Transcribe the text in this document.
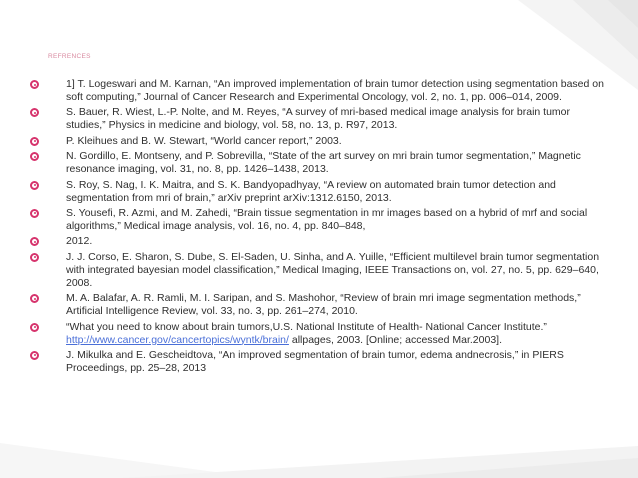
REFRENCES
1] T. Logeswari and M. Karnan, “An improved implementation of brain tumor detection using segmentation based on soft computing,” Journal of Cancer Research and Experimental Oncology, vol. 2, no. 1, pp. 006–014, 2009.
S. Bauer, R. Wiest, L.-P. Nolte, and M. Reyes, “A survey of mri-based medical image analysis for brain tumor studies,” Physics in medicine and biology, vol. 58, no. 13, p. R97, 2013.
P. Kleihues and B. W. Stewart, “World cancer report,” 2003.
N. Gordillo, E. Montseny, and P. Sobrevilla, “State of the art survey on mri brain tumor segmentation,” Magnetic resonance imaging, vol. 31, no. 8, pp. 1426–1438, 2013.
S. Roy, S. Nag, I. K. Maitra, and S. K. Bandyopadhyay, “A review on automated brain tumor detection and segmentation from mri of brain,” arXiv preprint arXiv:1312.6150, 2013.
S. Yousefi, R. Azmi, and M. Zahedi, “Brain tissue segmentation in mr images based on a hybrid of mrf and social algorithms,” Medical image analysis, vol. 16, no. 4, pp. 840–848,
2012.
J. J. Corso, E. Sharon, S. Dube, S. El-Saden, U. Sinha, and A. Yuille, “Efficient multilevel brain tumor segmentation with integrated bayesian model classification,” Medical Imaging, IEEE Transactions on, vol. 27, no. 5, pp. 629–640, 2008.
M. A. Balafar, A. R. Ramli, M. I. Saripan, and S. Mashohor, “Review of brain mri image segmentation methods,” Artificial Intelligence Review, vol. 33, no. 3, pp. 261–274, 2010.
“What you need to know about brain tumors,U.S. National Institute of Health- National Cancer Institute.” http://www.cancer.gov/cancertopics/wyntk/brain/ allpages, 2003. [Online; accessed Mar.2003].
J. Mikulka and E. Gescheidtova, “An improved segmentation of brain tumor, edema andnecrosis,” in PIERS Proceedings, pp. 25–28, 2013
